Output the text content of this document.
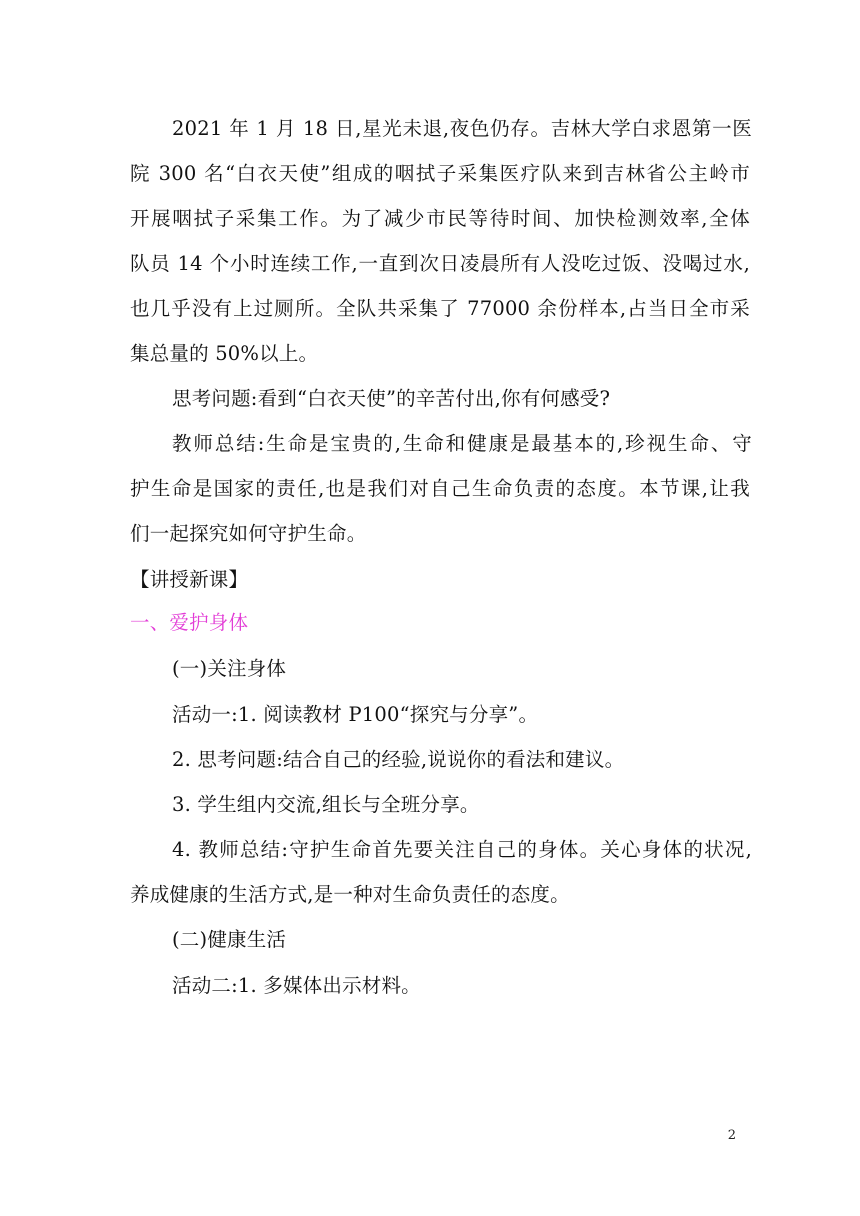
2021 年 1 月 18 日,星光未退,夜色仍存。吉林大学白求恩第一医
院 300 名“白衣天使”组成的咽拭子采集医疗队来到吉林省公主岭市
开展咽拭子采集工作。为了减少市民等待时间、加快检测效率,全体
队员 14 个小时连续工作,一直到次日凌晨所有人没吃过饭、没喝过水,
也几乎没有上过厕所。全队共采集了 77000 余份样本,占当日全市采
集总量的 50%以上。
思考问题:看到“白衣天使”的辛苦付出,你有何感受?
教师总结:生命是宝贵的,生命和健康是最基本的,珍视生命、守
护生命是国家的责任,也是我们对自己生命负责的态度。本节课,让我
们一起探究如何守护生命。
【讲授新课】
一、爱护身体
(一)关注身体
活动一:1. 阅读教材 P100“探究与分享”。
2. 思考问题:结合自己的经验,说说你的看法和建议。
3. 学生组内交流,组长与全班分享。
4. 教师总结:守护生命首先要关注自己的身体。关心身体的状况,
养成健康的生活方式,是一种对生命负责任的态度。
(二)健康生活
活动二:1. 多媒体出示材料。
2
